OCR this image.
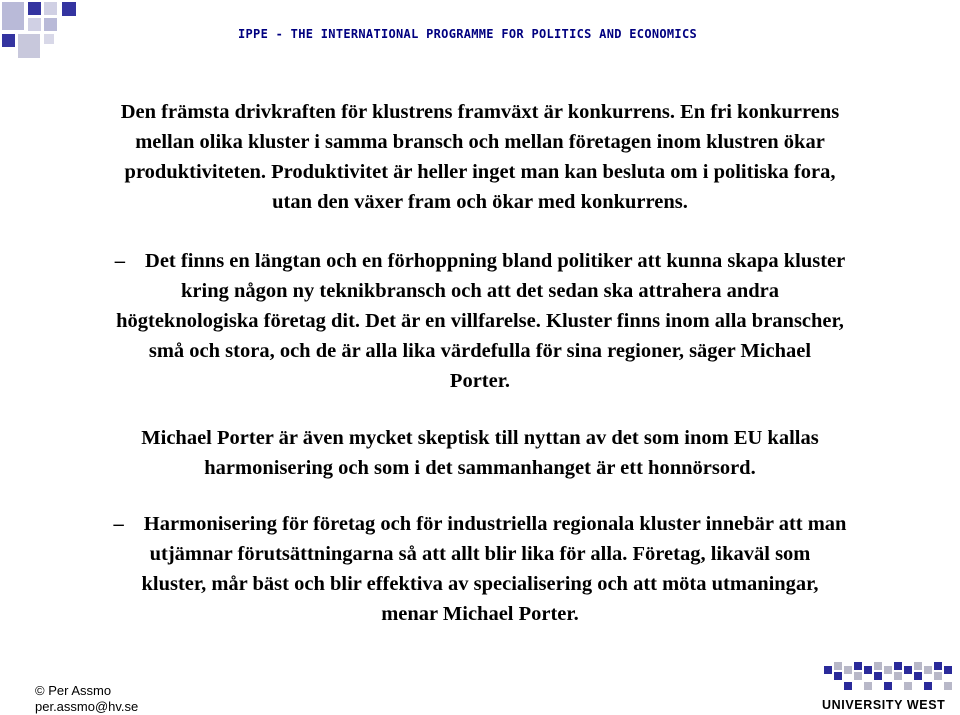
IPPE - THE INTERNATIONAL PROGRAMME FOR POLITICS AND ECONOMICS
Den främsta drivkraften för klustrens framväxt är konkurrens. En fri konkurrens
mellan olika kluster i samma bransch och mellan företagen inom klustren ökar
produktiviteten. Produktivitet är heller inget man kan besluta om i politiska fora,
utan den växer fram och ökar med konkurrens.
– Det finns en längtan och en förhoppning bland politiker att kunna skapa kluster
kring någon ny teknikbransch och att det sedan ska attrahera andra
högteknologiska företag dit. Det är en villfarelse. Kluster finns inom alla branscher,
små och stora, och de är alla lika värdefulla för sina regioner, säger Michael
Porter.
Michael Porter är även mycket skeptisk till nyttan av det som inom EU kallas
harmonisering och som i det sammanhanget är ett honnörsord.
– Harmonisering för företag och för industriella regionala kluster innebär att man
utjämnar förutsättningarna så att allt blir lika för alla. Företag, likaväl som
kluster, mår bäst och blir effektiva av specialisering och att möta utmaningar,
menar Michael Porter.
© Per Assmo
per.assmo@hv.se	UNIVERSITY WEST
